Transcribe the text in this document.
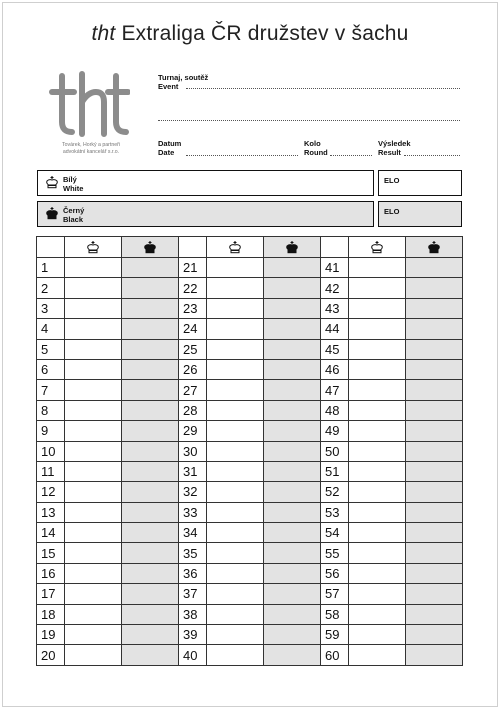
tht Extraliga ČR družstev v šachu
Továrek, Horký a partneři
advokátní kancelář s.r.o.
Turnaj, soutěž
Event
Datum
Date
Kolo
Round
Výsledek
Result
Bílý
White
ELO
Černý
Black
ELO

1			21			41		
2			22			42		
3			23			43		
4			24			44		
5			25			45		
6			26			46		
7			27			47		
8			28			48		
9			29			49		
10			30			50		
11			31			51		
12			32			52		
13			33			53		
14			34			54		
15			35			55		
16			36			56		
17			37			57		
18			38			58		
19			39			59		
20			40			60		
